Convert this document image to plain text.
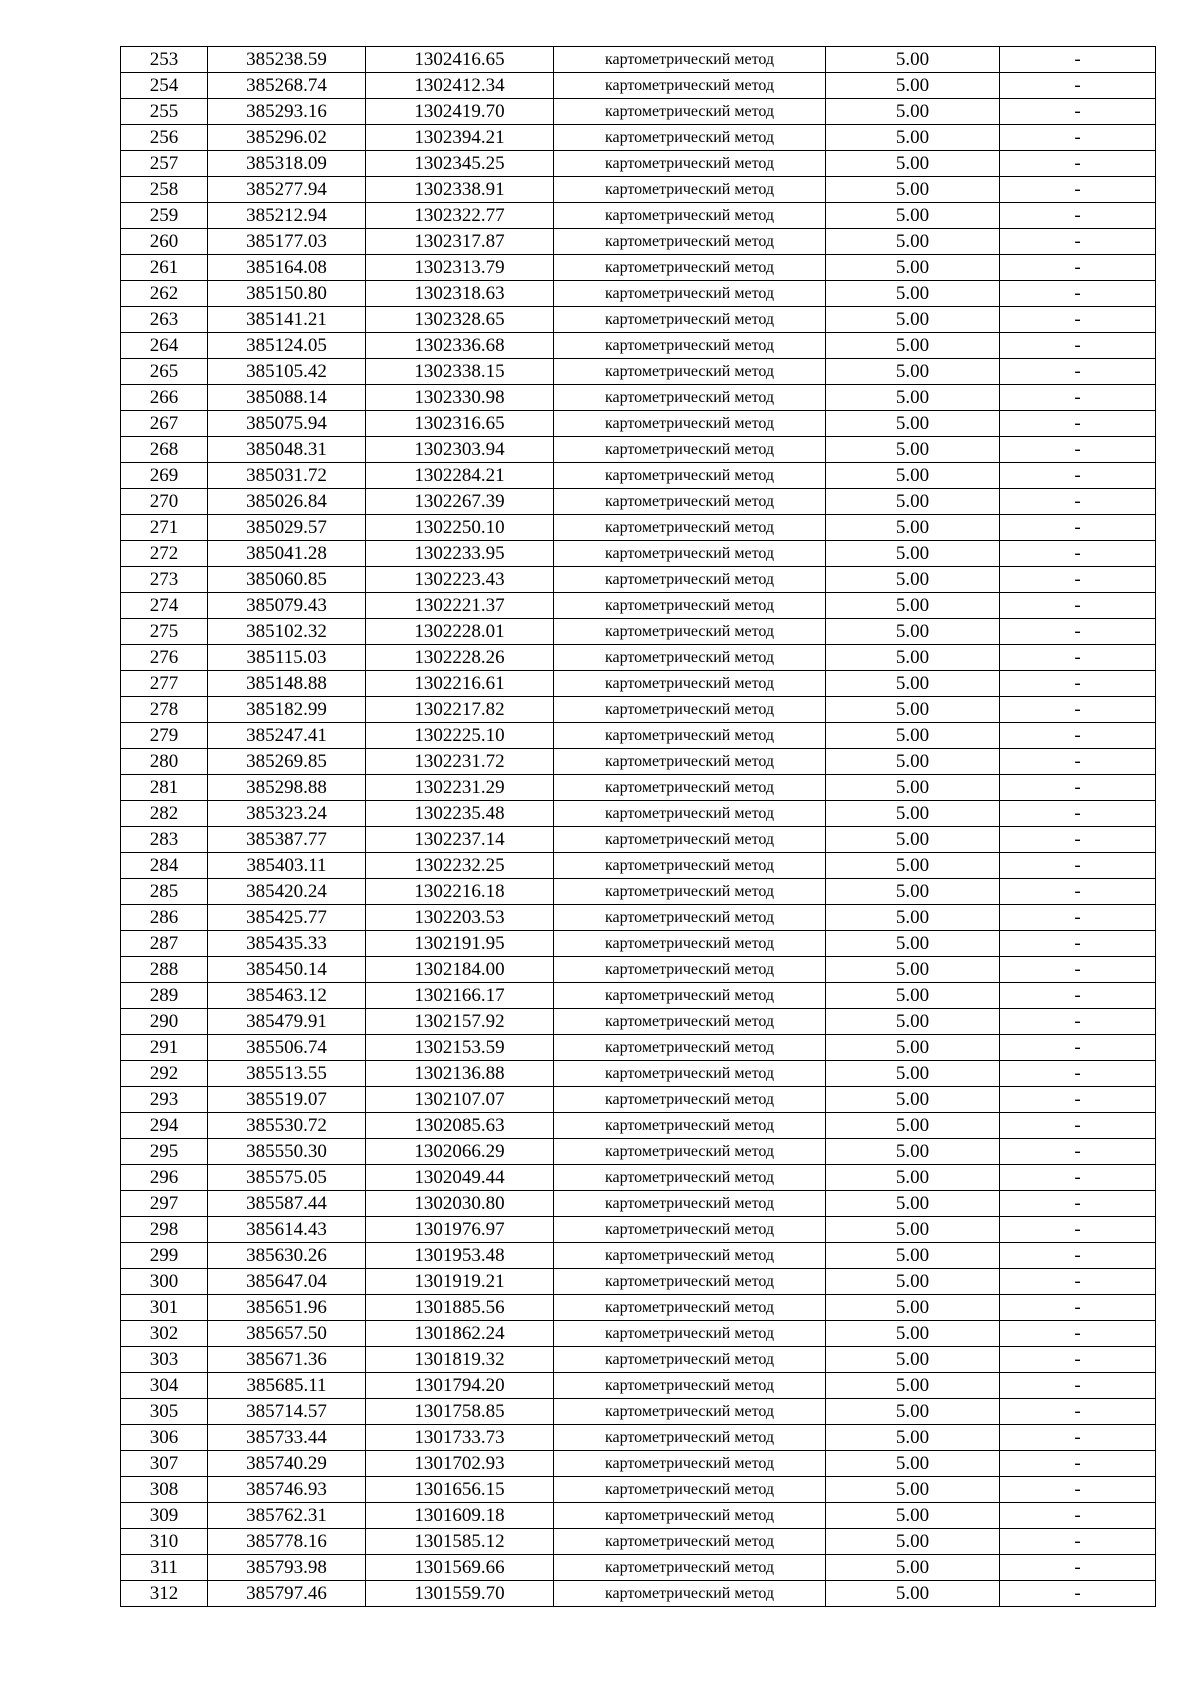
253	385238.59	1302416.65	картометрический метод	5.00	-
254	385268.74	1302412.34	картометрический метод	5.00	-
255	385293.16	1302419.70	картометрический метод	5.00	-
256	385296.02	1302394.21	картометрический метод	5.00	-
257	385318.09	1302345.25	картометрический метод	5.00	-
258	385277.94	1302338.91	картометрический метод	5.00	-
259	385212.94	1302322.77	картометрический метод	5.00	-
260	385177.03	1302317.87	картометрический метод	5.00	-
261	385164.08	1302313.79	картометрический метод	5.00	-
262	385150.80	1302318.63	картометрический метод	5.00	-
263	385141.21	1302328.65	картометрический метод	5.00	-
264	385124.05	1302336.68	картометрический метод	5.00	-
265	385105.42	1302338.15	картометрический метод	5.00	-
266	385088.14	1302330.98	картометрический метод	5.00	-
267	385075.94	1302316.65	картометрический метод	5.00	-
268	385048.31	1302303.94	картометрический метод	5.00	-
269	385031.72	1302284.21	картометрический метод	5.00	-
270	385026.84	1302267.39	картометрический метод	5.00	-
271	385029.57	1302250.10	картометрический метод	5.00	-
272	385041.28	1302233.95	картометрический метод	5.00	-
273	385060.85	1302223.43	картометрический метод	5.00	-
274	385079.43	1302221.37	картометрический метод	5.00	-
275	385102.32	1302228.01	картометрический метод	5.00	-
276	385115.03	1302228.26	картометрический метод	5.00	-
277	385148.88	1302216.61	картометрический метод	5.00	-
278	385182.99	1302217.82	картометрический метод	5.00	-
279	385247.41	1302225.10	картометрический метод	5.00	-
280	385269.85	1302231.72	картометрический метод	5.00	-
281	385298.88	1302231.29	картометрический метод	5.00	-
282	385323.24	1302235.48	картометрический метод	5.00	-
283	385387.77	1302237.14	картометрический метод	5.00	-
284	385403.11	1302232.25	картометрический метод	5.00	-
285	385420.24	1302216.18	картометрический метод	5.00	-
286	385425.77	1302203.53	картометрический метод	5.00	-
287	385435.33	1302191.95	картометрический метод	5.00	-
288	385450.14	1302184.00	картометрический метод	5.00	-
289	385463.12	1302166.17	картометрический метод	5.00	-
290	385479.91	1302157.92	картометрический метод	5.00	-
291	385506.74	1302153.59	картометрический метод	5.00	-
292	385513.55	1302136.88	картометрический метод	5.00	-
293	385519.07	1302107.07	картометрический метод	5.00	-
294	385530.72	1302085.63	картометрический метод	5.00	-
295	385550.30	1302066.29	картометрический метод	5.00	-
296	385575.05	1302049.44	картометрический метод	5.00	-
297	385587.44	1302030.80	картометрический метод	5.00	-
298	385614.43	1301976.97	картометрический метод	5.00	-
299	385630.26	1301953.48	картометрический метод	5.00	-
300	385647.04	1301919.21	картометрический метод	5.00	-
301	385651.96	1301885.56	картометрический метод	5.00	-
302	385657.50	1301862.24	картометрический метод	5.00	-
303	385671.36	1301819.32	картометрический метод	5.00	-
304	385685.11	1301794.20	картометрический метод	5.00	-
305	385714.57	1301758.85	картометрический метод	5.00	-
306	385733.44	1301733.73	картометрический метод	5.00	-
307	385740.29	1301702.93	картометрический метод	5.00	-
308	385746.93	1301656.15	картометрический метод	5.00	-
309	385762.31	1301609.18	картометрический метод	5.00	-
310	385778.16	1301585.12	картометрический метод	5.00	-
311	385793.98	1301569.66	картометрический метод	5.00	-
312	385797.46	1301559.70	картометрический метод	5.00	-
